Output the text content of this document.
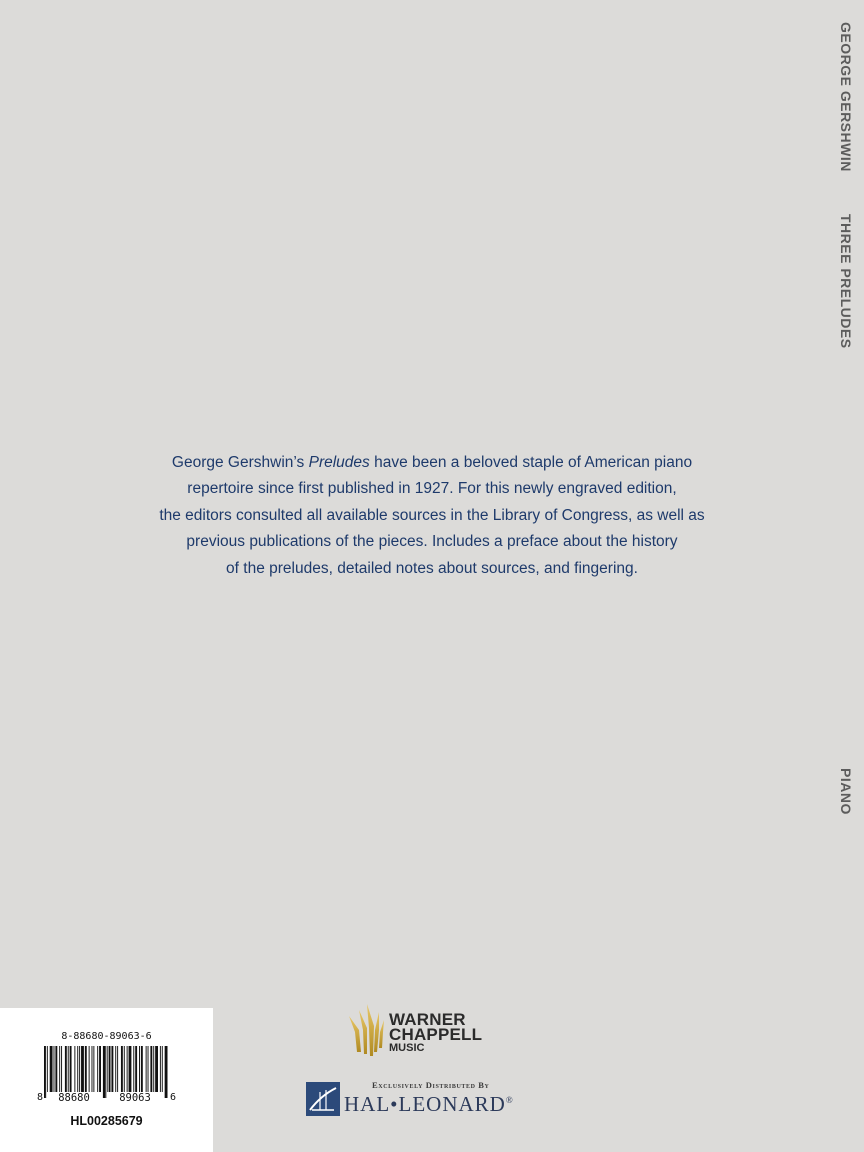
GEORGE GERSHWIN
THREE PRELUDES
PIANO
George Gershwin’s Preludes have been a beloved staple of American piano
repertoire since first published in 1927. For this newly engraved edition,
the editors consulted all available sources in the Library of Congress, as well as
previous publications of the pieces. Includes a preface about the history
of the preludes, detailed notes about sources, and fingering.
8-88680-89063-6
8	88680	89063	6
HL00285679
WARNER
CHAPPELL
MUSIC
Exclusively Distributed By
HAL•LEONARD®
